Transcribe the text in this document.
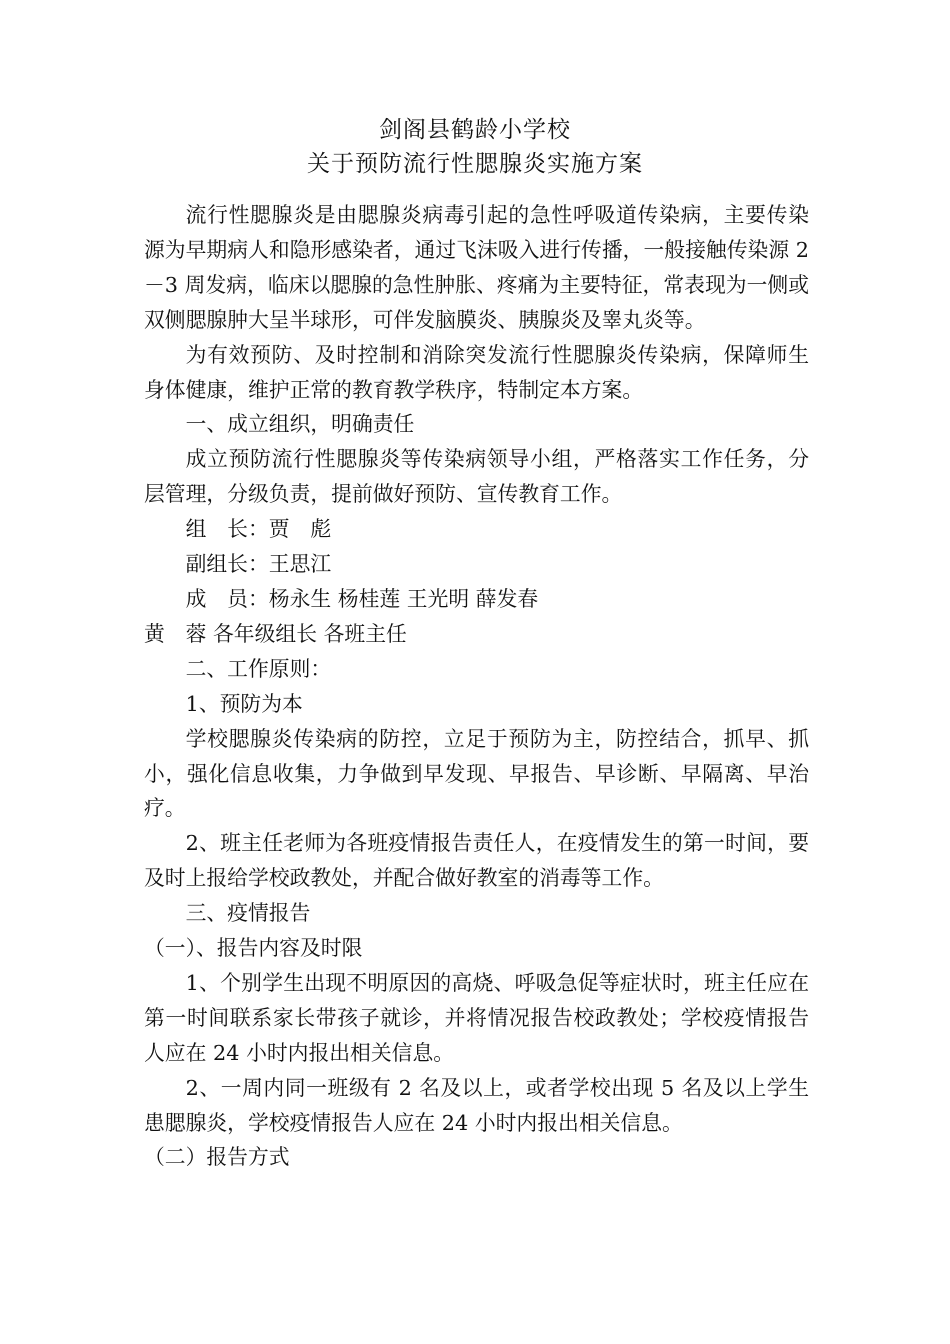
剑阁县鹤龄小学校
关于预防流行性腮腺炎实施方案

流行性腮腺炎是由腮腺炎病毒引起的急性呼吸道传染病，主要传染源为早期病人和隐形感染者，通过飞沫吸入进行传播，一般接触传染源 2－3 周发病，临床以腮腺的急性肿胀、疼痛为主要特征，常表现为一侧或双侧腮腺肿大呈半球形，可伴发脑膜炎、胰腺炎及睾丸炎等。

为有效预防、及时控制和消除突发流行性腮腺炎传染病，保障师生身体健康，维护正常的教育教学秩序，特制定本方案。

一、成立组织，明确责任

成立预防流行性腮腺炎等传染病领导小组，严格落实工作任务，分层管理，分级负责，提前做好预防、宣传教育工作。

组　长：贾　彪

副组长：王思江

成　员：杨永生 杨桂莲 王光明 薛发春

黄　蓉 各年级组长 各班主任

二、工作原则：

1、预防为本

学校腮腺炎传染病的防控，立足于预防为主，防控结合，抓早、抓小，强化信息收集，力争做到早发现、早报告、早诊断、早隔离、早治疗。

2、班主任老师为各班疫情报告责任人，在疫情发生的第一时间，要及时上报给学校政教处，并配合做好教室的消毒等工作。

三、疫情报告

（一）、报告内容及时限

1、个别学生出现不明原因的高烧、呼吸急促等症状时，班主任应在第一时间联系家长带孩子就诊，并将情况报告校政教处；学校疫情报告人应在 24 小时内报出相关信息。

2、一周内同一班级有 2 名及以上，或者学校出现 5 名及以上学生患腮腺炎，学校疫情报告人应在 24 小时内报出相关信息。

（二）报告方式
